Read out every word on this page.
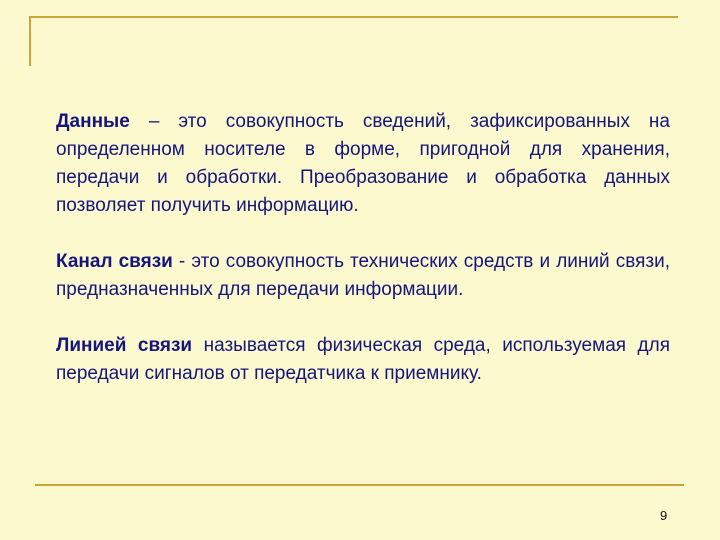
Данные – это совокупность сведений, зафиксированных на определенном носителе в форме, пригодной для хранения, передачи и обработки. Преобразование и обработка данных позволяет получить информацию.

Канал связи - это совокупность технических средств и линий связи, предназначенных для передачи информации.

Линией связи называется физическая среда, используемая для передачи сигналов от передатчика к приемнику.

9
